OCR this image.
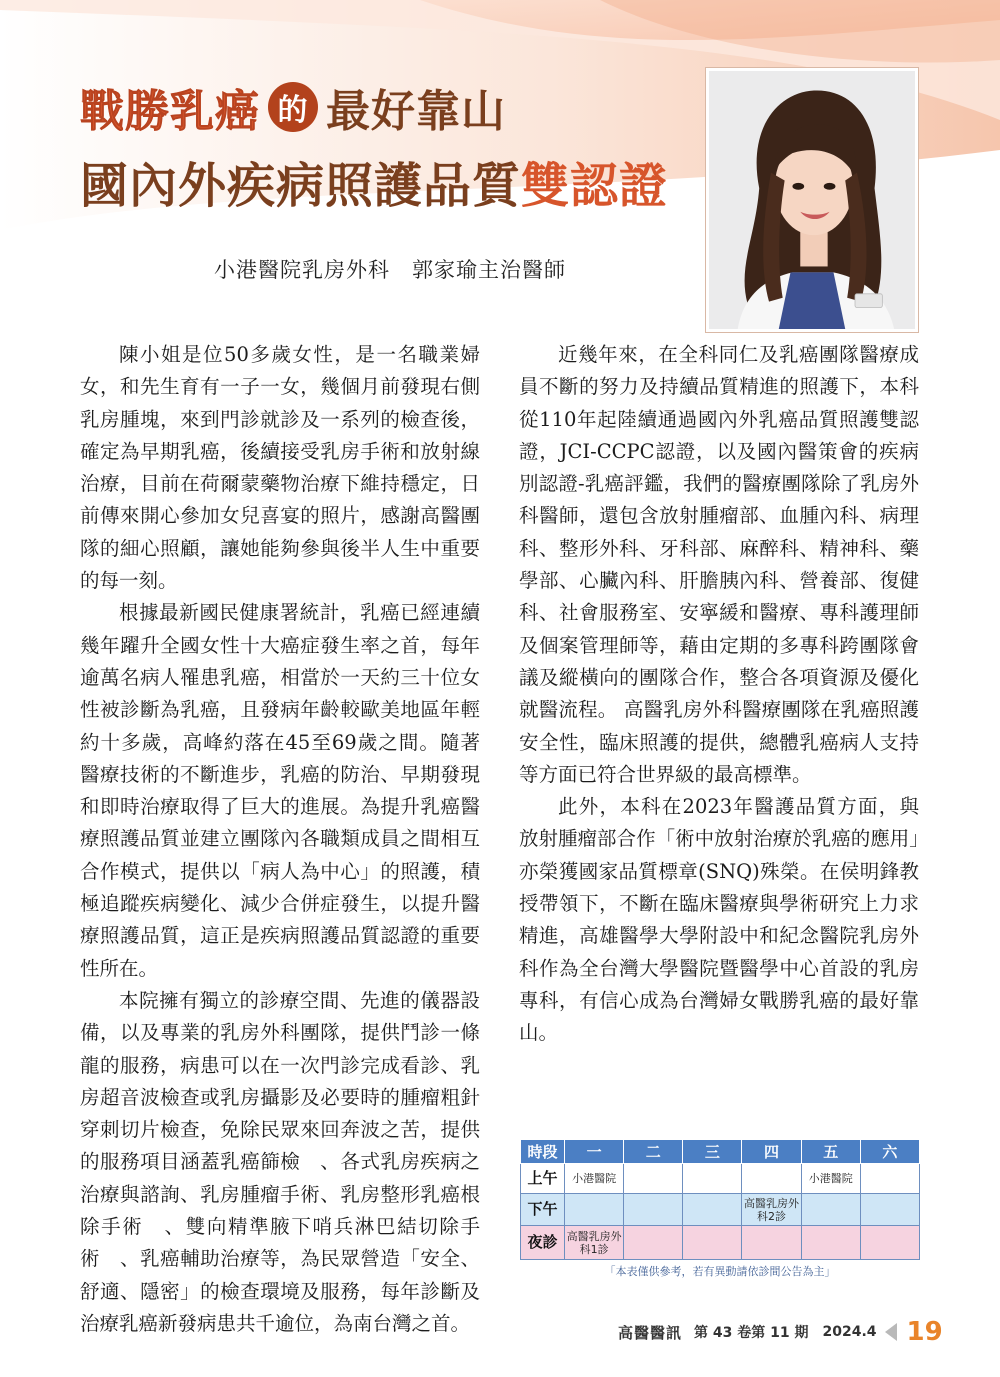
戰勝乳癌 的 最好靠山
國內外疾病照護品質 雙認證
小港醫院乳房外科　郭家瑜主治醫師

陳小姐是位50多歲女性，是一名職業婦女，和先生育有一子一女，幾個月前發現右側乳房腫塊，來到門診就診及一系列的檢查後，確定為早期乳癌，後續接受乳房手術和放射線治療，目前在荷爾蒙藥物治療下維持穩定，日前傳來開心參加女兒喜宴的照片，感謝高醫團隊的細心照顧，讓她能夠參與後半人生中重要的每一刻。

根據最新國民健康署統計，乳癌已經連續幾年躍升全國女性十大癌症發生率之首，每年逾萬名病人罹患乳癌，相當於一天約三十位女性被診斷為乳癌，且發病年齡較歐美地區年輕約十多歲，高峰約落在45至69歲之間。隨著醫療技術的不斷進步，乳癌的防治、早期發現和即時治療取得了巨大的進展。為提升乳癌醫療照護品質並建立團隊內各職類成員之間相互合作模式，提供以「病人為中心」的照護，積極追蹤疾病變化、減少合併症發生，以提升醫療照護品質，這正是疾病照護品質認證的重要性所在。

本院擁有獨立的診療空間、先進的儀器設備，以及專業的乳房外科團隊，提供鬥診一條龍的服務，病患可以在一次門診完成看診、乳房超音波檢查或乳房攝影及必要時的腫瘤粗針穿刺切片檢查，免除民眾來回奔波之苦，提供的服務項目涵蓋乳癌篩檢　、各式乳房疾病之治療與諮詢、乳房腫瘤手術、乳房整形乳癌根除手術　、雙向精準腋下哨兵淋巴結切除手術　、乳癌輔助治療等，為民眾營造「安全、舒適、隱密」的檢查環境及服務，每年診斷及治療乳癌新發病患共千逾位，為南台灣之首。

近幾年來，在全科同仁及乳癌團隊醫療成員不斷的努力及持續品質精進的照護下，本科從110年起陸續通過國內外乳癌品質照護雙認證，JCI-CCPC認證，以及國內醫策會的疾病別認證-乳癌評鑑，我們的醫療團隊除了乳房外科醫師，還包含放射腫瘤部、血腫內科、病理科、整形外科、牙科部、麻醉科、精神科、藥學部、心臟內科、肝膽胰內科、營養部、復健科、社會服務室、安寧緩和醫療、專科護理師及個案管理師等，藉由定期的多專科跨團隊會議及縱橫向的團隊合作，整合各項資源及優化就醫流程。 高醫乳房外科醫療團隊在乳癌照護安全性，臨床照護的提供，總體乳癌病人支持等方面已符合世界級的最高標準。

此外，本科在2023年醫護品質方面，與放射腫瘤部合作「術中放射治療於乳癌的應用」亦榮獲國家品質標章(SNQ)殊榮。在侯明鋒教授帶領下，不斷在臨床醫療與學術研究上力求精進，高雄醫學大學附設中和紀念醫院乳房外科作為全台灣大學醫院暨醫學中心首設的乳房專科，有信心成為台灣婦女戰勝乳癌的最好靠山。

時段	一	二	三	四	五	六
上午	小港醫院				小港醫院	
下午				高醫乳房外科2診		
夜診	高醫乳房外科1診					
「本表僅供參考，若有異動請依診間公告為主」
高醫醫訊 第 43 卷第 11 期 2024.4 19
